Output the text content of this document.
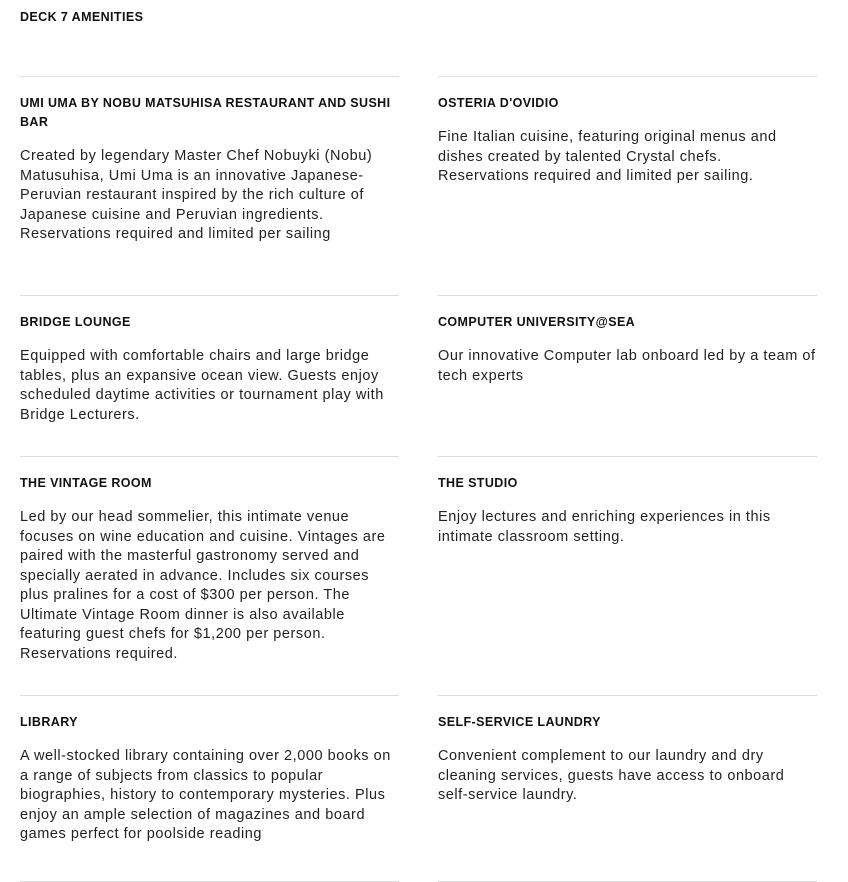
DECK 7 AMENITIES
UMI UMA BY NOBU MATSUHISA RESTAURANT AND SUSHI BAR

Created by legendary Master Chef Nobuyki (Nobu) Matusuhisa, Umi Uma is an innovative Japanese-Peruvian restaurant inspired by the rich culture of Japanese cuisine and Peruvian ingredients. Reservations required and limited per sailing

OSTERIA D'OVIDIO

Fine Italian cuisine, featuring original menus and dishes created by talented Crystal chefs. Reservations required and limited per sailing.

BRIDGE LOUNGE

Equipped with comfortable chairs and large bridge tables, plus an expansive ocean view. Guests enjoy scheduled daytime activities or tournament play with Bridge Lecturers.

COMPUTER UNIVERSITY@SEA

Our innovative Computer lab onboard led by a team of tech experts

THE VINTAGE ROOM

Led by our head sommelier, this intimate venue focuses on wine education and cuisine. Vintages are paired with the masterful gastronomy served and specially aerated in advance. Includes six courses plus pralines for a cost of $300 per person. The Ultimate Vintage Room dinner is also available featuring guest chefs for $1,200 per person. Reservations required.

THE STUDIO

Enjoy lectures and enriching experiences in this intimate classroom setting.

LIBRARY

A well-stocked library containing over 2,000 books on a range of subjects from classics to popular biographies, history to contemporary mysteries. Plus enjoy an ample selection of magazines and board games perfect for poolside reading

SELF-SERVICE LAUNDRY

Convenient complement to our laundry and dry cleaning services, guests have access to onboard self-service laundry.
